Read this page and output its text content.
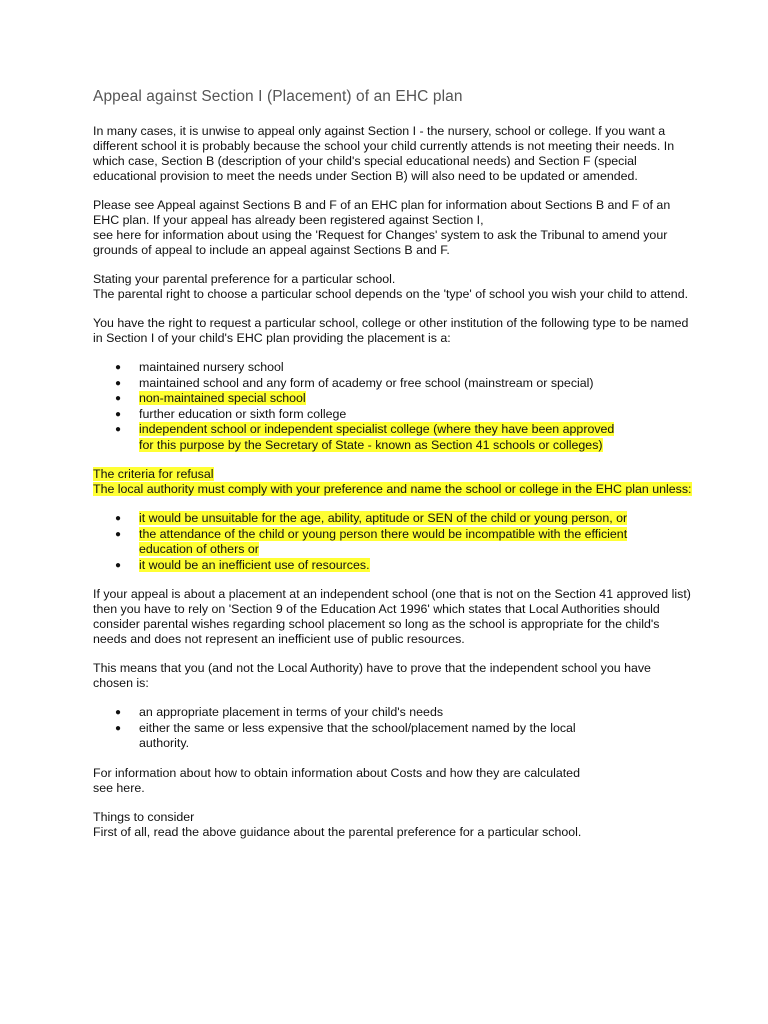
Appeal against Section I (Placement) of an EHC plan

In many cases, it is unwise to appeal only against Section I - the nursery, school or college. If you want a different school it is probably because the school your child currently attends is not meeting their needs. In which case, Section B (description of your child's special educational needs) and Section F (special educational provision to meet the needs under Section B) will also need to be updated or amended.

Please see Appeal against Sections B and F of an EHC plan for information about Sections B and F of an EHC plan. If your appeal has already been registered against Section I,
see here for information about using the 'Request for Changes' system to ask the Tribunal to amend your grounds of appeal to include an appeal against Sections B and F.

Stating your parental preference for a particular school.
The parental right to choose a particular school depends on the 'type' of school you wish your child to attend.

You have the right to request a particular school, college or other institution of the following type to be named in Section I of your child's EHC plan providing the placement is a:

● maintained nursery school
● maintained school and any form of academy or free school (mainstream or special)
● non-maintained special school
● further education or sixth form college
● independent school or independent specialist college (where they have been approved
for this purpose by the Secretary of State - known as Section 41 schools or colleges)

The criteria for refusal
The local authority must comply with your preference and name the school or college in the EHC plan unless:

● it would be unsuitable for the age, ability, aptitude or SEN of the child or young person, or
● the attendance of the child or young person there would be incompatible with the efficient
education of others or
● it would be an inefficient use of resources.

If your appeal is about a placement at an independent school (one that is not on the Section 41 approved list) then you have to rely on 'Section 9 of the Education Act 1996' which states that Local Authorities should consider parental wishes regarding school placement so long as the school is appropriate for the child's needs and does not represent an inefficient use of public resources.

This means that you (and not the Local Authority) have to prove that the independent school you have chosen is:

● an appropriate placement in terms of your child's needs
● either the same or less expensive that the school/placement named by the local
authority.

For information about how to obtain information about Costs and how they are calculated
see here.

Things to consider
First of all, read the above guidance about the parental preference for a particular school.
